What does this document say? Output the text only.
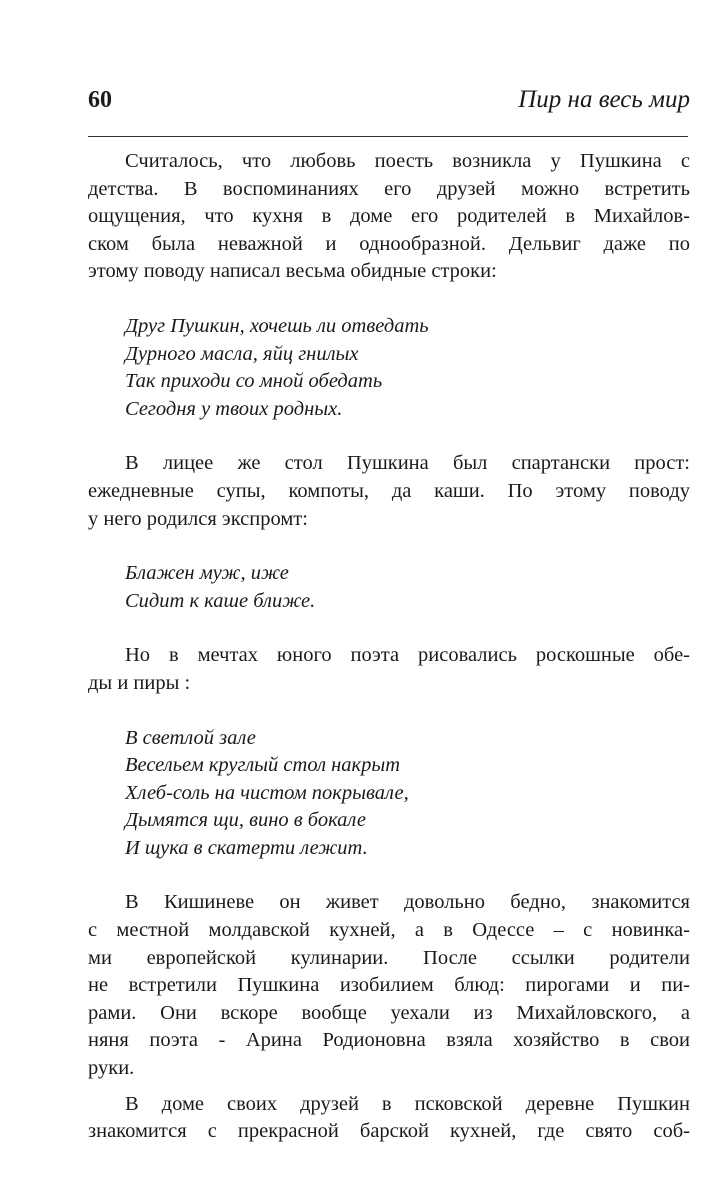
60	Пир на весь мир

Считалось, что любовь поесть возникла у Пушкина с
детства. В воспоминаниях его друзей можно встретить
ощущения, что кухня в доме его родителей в Михайлов-
ском была неважной и однообразной. Дельвиг даже по
этому поводу написал весьма обидные строки:

Друг Пушкин, хочешь ли отведать
Дурного масла, яйц гнилых
Так приходи со мной обедать
Сегодня у твоих родных.

В лицее же стол Пушкина был спартански прост:
ежедневные супы, компоты, да каши. По этому поводу
у него родился экспромт:

Блажен муж, иже
Сидит к каше ближе.

Но в мечтах юного поэта рисовались роскошные обе-
ды и пиры :

В светлой зале
Весельем круглый стол накрыт
Хлеб-соль на чистом покрывале,
Дымятся щи, вино в бокале
И щука в скатерти лежит.

В Кишиневе он живет довольно бедно, знакомится
с местной молдавской кухней, а в Одессе – с новинка-
ми европейской кулинарии. После ссылки родители
не встретили Пушкина изобилием блюд: пирогами и пи-
рами. Они вскоре вообще уехали из Михайловского, а
няня поэта - Арина Родионовна взяла хозяйство в свои
руки.

В доме своих друзей в псковской деревне Пушкин
знакомится с прекрасной барской кухней, где свято соб-
